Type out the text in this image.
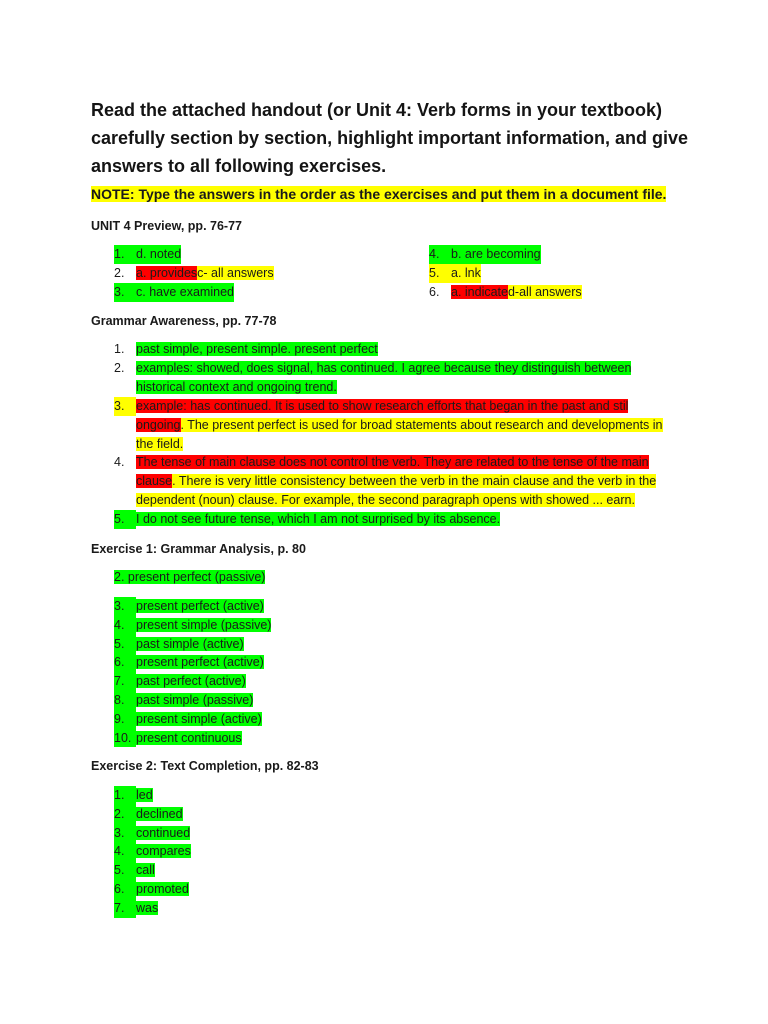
Read the attached handout (or Unit 4: Verb forms in your textbook) carefully section by section, highlight important information, and give answers to all following exercises.
NOTE: Type the answers in the order as the exercises and put them in a document file.
UNIT 4 Preview, pp. 76-77
1. d. noted
2. a. providesc- all answers
3. c. have examined
4. b. are becoming
5. a. lnk
6. a. indicated-all answers
Grammar Awareness, pp. 77-78
1. past simple, present simple. present perfect
2. examples: showed, does signal, has continued. I agree because they distinguish between
historical context and ongoing trend.
3. example: has continued. It is used to show research efforts that began in the past and stil
ongoing. The present perfect is used for broad statements about research and developments in
the field.
4. The tense of main clause does not control the verb. They are related to the tense of the main
clause. There is very little consistency between the verb in the main clause and the verb in the
dependent (noun) clause. For example, the second paragraph opens with showed ... earn.
5. I do not see future tense, which I am not surprised by its absence.
Exercise 1: Grammar Analysis, p. 80
2. present perfect (passive)
3. present perfect (active)
4. present simple (passive)
5. past simple (active)
6. present perfect (active)
7. past perfect (active)
8. past simple (passive)
9. present simple (active)
10. present continuous
Exercise 2: Text Completion, pp. 82-83
1. led
2. declined
3. continued
4. compares
5. call
6. promoted
7. was
